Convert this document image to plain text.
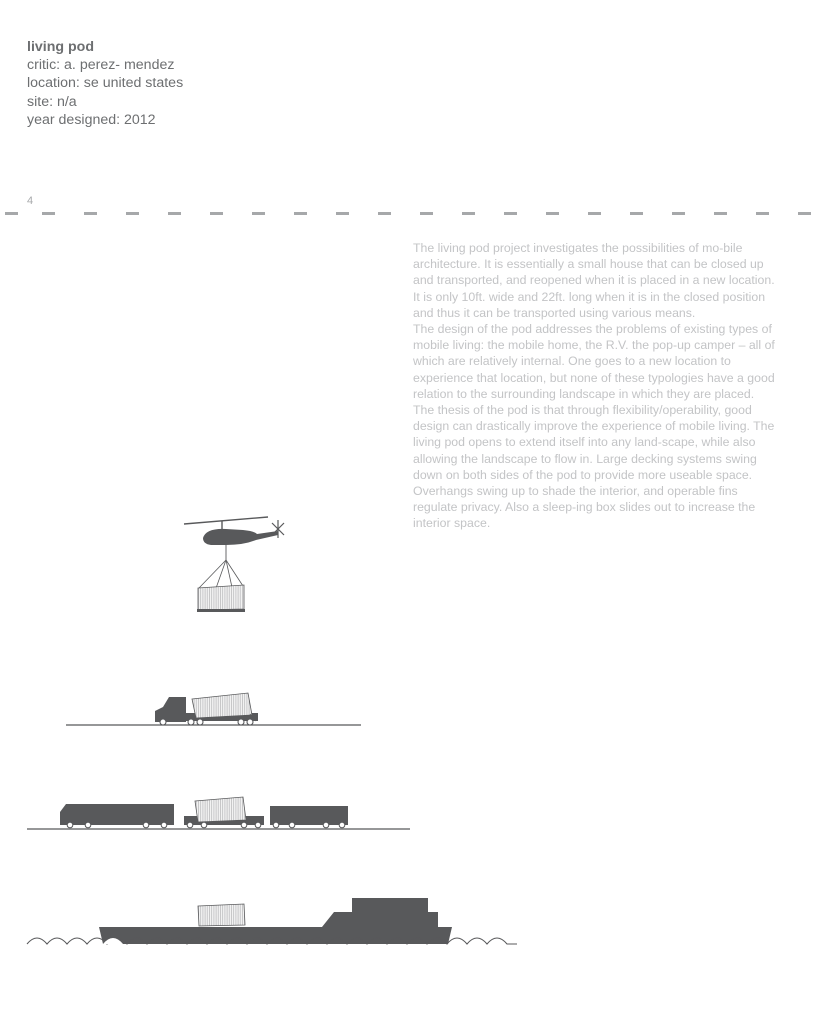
living pod
critic: a. perez- mendez
location: se united states
site: n/a
year designed: 2012
4

The living pod project investigates the possibilities of mo-bile architecture. It is essentially a small house that can be closed up and transported, and reopened when it is placed in a new location. It is only 10ft. wide and 22ft. long when it is in the closed position and thus it can be transported using various means.

The design of the pod addresses the problems of existing types of mobile living: the mobile home, the R.V. the pop-up camper – all of which are relatively internal. One goes to a new location to experience that location, but none of these typologies have a good relation to the surrounding landscape in which they are placed.

The thesis of the pod is that through flexibility/operability, good design can drastically improve the experience of mobile living. The living pod opens to extend itself into any land-scape, while also allowing the landscape to flow in. Large decking systems swing down on both sides of the pod to provide more useable space. Overhangs swing up to shade the interior, and operable fins regulate privacy. Also a sleep-ing box slides out to increase the interior space.
